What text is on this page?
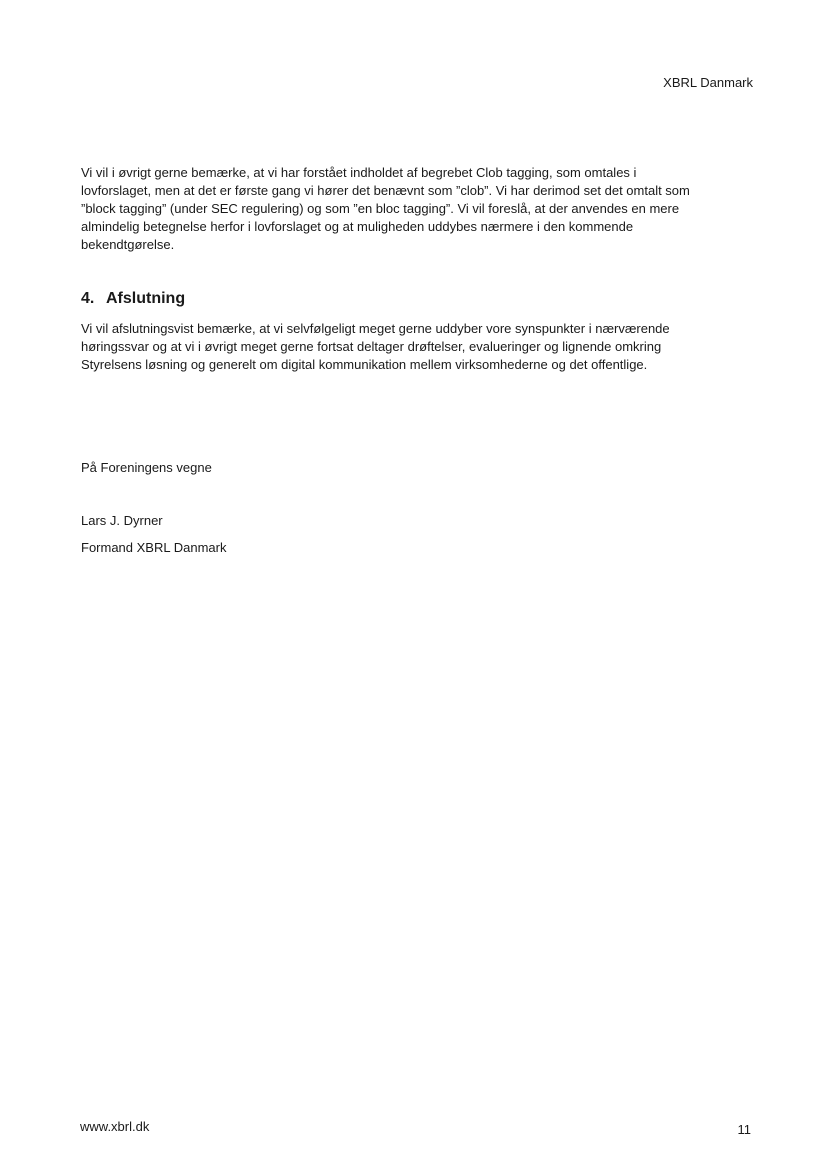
XBRL Danmark
Vi vil i øvrigt gerne bemærke, at vi har forstået indholdet af begrebet Clob tagging, som omtales i
lovforslaget, men at det er første gang vi hører det benævnt som ”clob”. Vi har derimod set det omtalt som
”block tagging” (under SEC regulering) og som ”en bloc tagging”. Vi vil foreslå, at der anvendes en mere
almindelig betegnelse herfor i lovforslaget og at muligheden uddybes nærmere i den kommende
bekendtgørelse.
4. Afslutning
Vi vil afslutningsvist bemærke, at vi selvfølgeligt meget gerne uddyber vore synspunkter i nærværende
høringssvar og at vi i øvrigt meget gerne fortsat deltager drøftelser, evalueringer og lignende omkring
Styrelsens løsning og generelt om digital kommunikation mellem virksomhederne og det offentlige.
På Foreningens vegne
Lars J. Dyrner
Formand XBRL Danmark
www.xbrl.dk	11
